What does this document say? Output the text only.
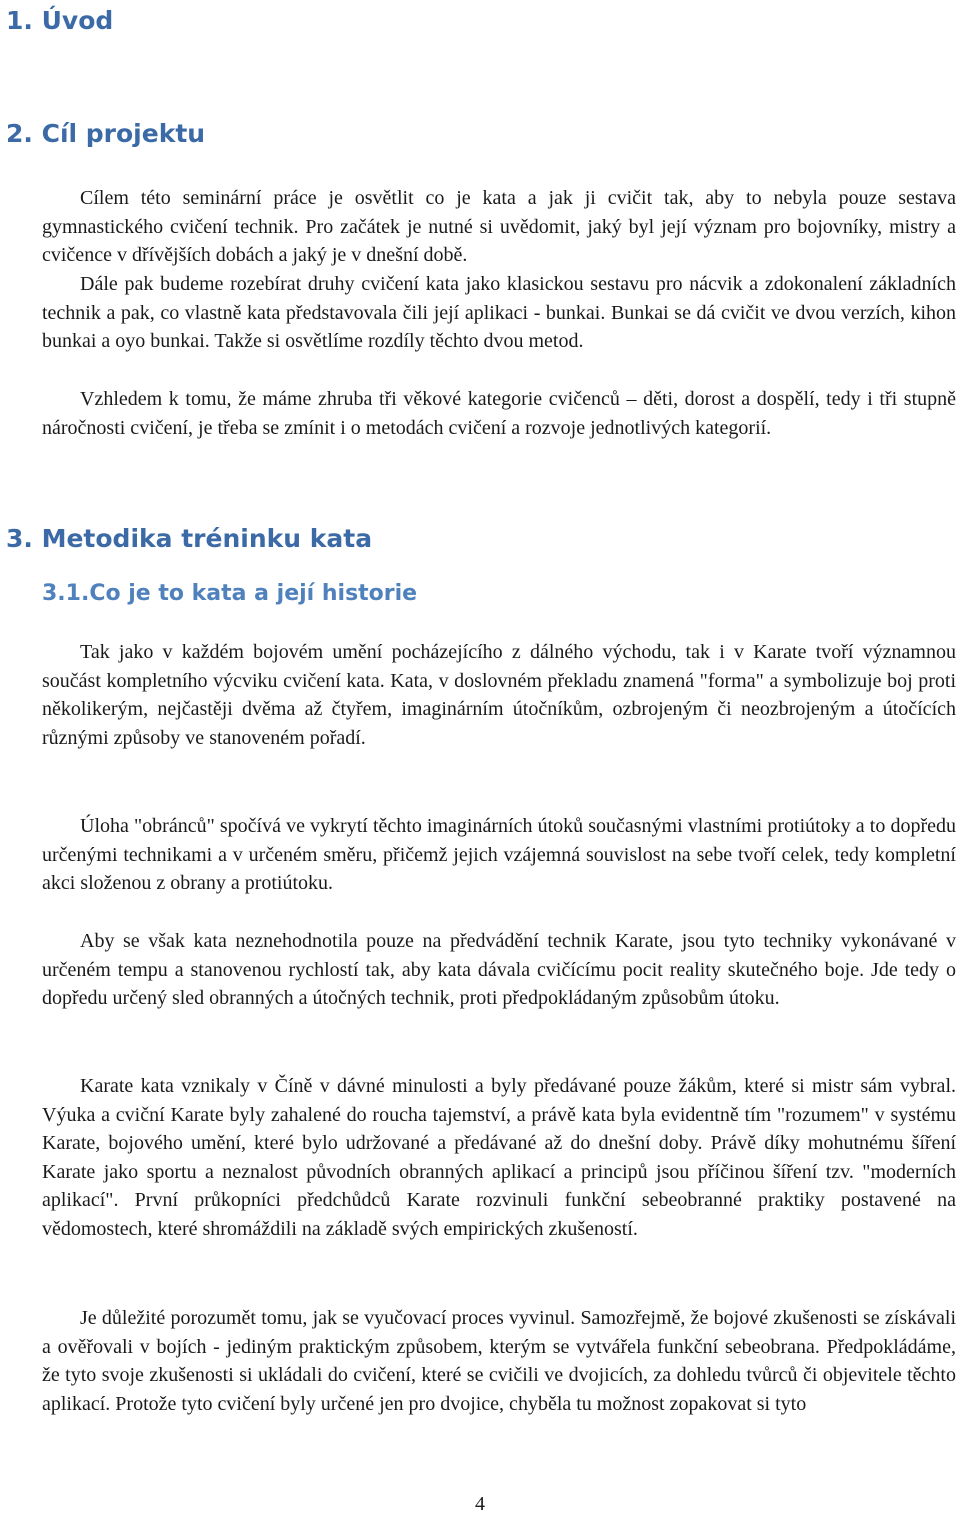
1. Úvod
2. Cíl projektu

Cílem této seminární práce je osvětlit co je kata a jak ji cvičit tak, aby to nebyla pouze sestava gymnastického cvičení technik. Pro začátek je nutné si uvědomit, jaký byl její význam pro bojovníky, mistry a cvičence v dřívějších dobách a jaký je v dnešní době.

Dále pak budeme rozebírat druhy cvičení kata jako klasickou sestavu pro nácvik a zdokonalení základních technik a pak, co vlastně kata představovala čili její aplikaci - bunkai. Bunkai se dá cvičit ve dvou verzích, kihon bunkai a oyo bunkai. Takže si osvětlíme rozdíly těchto dvou metod.

Vzhledem k tomu, že máme zhruba tři věkové kategorie cvičenců – děti, dorost a dospělí, tedy i tři stupně náročnosti cvičení, je třeba se zmínit i o metodách cvičení a rozvoje jednotlivých kategorií.

3. Metodika tréninku kata
3.1.Co je to kata a její historie

Tak jako v každém bojovém umění pocházejícího z dálného východu, tak i v Karate tvoří významnou součást kompletního výcviku cvičení kata. Kata, v doslovném překladu znamená "forma" a symbolizuje boj proti několikerým, nejčastěji dvěma až čtyřem, imaginárním útočníkům, ozbrojeným či neozbrojeným a útočících různými způsoby ve stanoveném pořadí.

Úloha "obránců" spočívá ve vykrytí těchto imaginárních útoků současnými vlastními protiútoky a to dopředu určenými technikami a v určeném směru, přičemž jejich vzájemná souvislost na sebe tvoří celek, tedy kompletní akci složenou z obrany a protiútoku.

Aby se však kata neznehodnotila pouze na předvádění technik Karate, jsou tyto techniky vykonávané v určeném tempu a stanovenou rychlostí tak, aby kata dávala cvičícímu pocit reality skutečného boje. Jde tedy o dopředu určený sled obranných a útočných technik, proti předpokládaným způsobům útoku.

Karate kata vznikaly v Číně v dávné minulosti a byly předávané pouze žákům, které si mistr sám vybral. Výuka a cviční Karate byly zahalené do roucha tajemství, a právě kata byla evidentně tím "rozumem" v systému Karate, bojového umění, které bylo udržované a předávané až do dnešní doby. Právě díky mohutnému šíření Karate jako sportu a neznalost původních obranných aplikací a principů jsou příčinou šíření tzv. "moderních aplikací". První průkopníci předchůdců Karate rozvinuli funkční sebeobranné praktiky postavené na vědomostech, které shromáždili na základě svých empirických zkušeností.

Je důležité porozumět tomu, jak se vyučovací proces vyvinul. Samozřejmě, že bojové zkušenosti se získávali a ověřovali v bojích - jediným praktickým způsobem, kterým se vytvářela funkční sebeobrana. Předpokládáme, že tyto svoje zkušenosti si ukládali do cvičení, které se cvičili ve dvojicích, za dohledu tvůrců či objevitele těchto aplikací. Protože tyto cvičení byly určené jen pro dvojice, chyběla tu možnost zopakovat si tyto

4
